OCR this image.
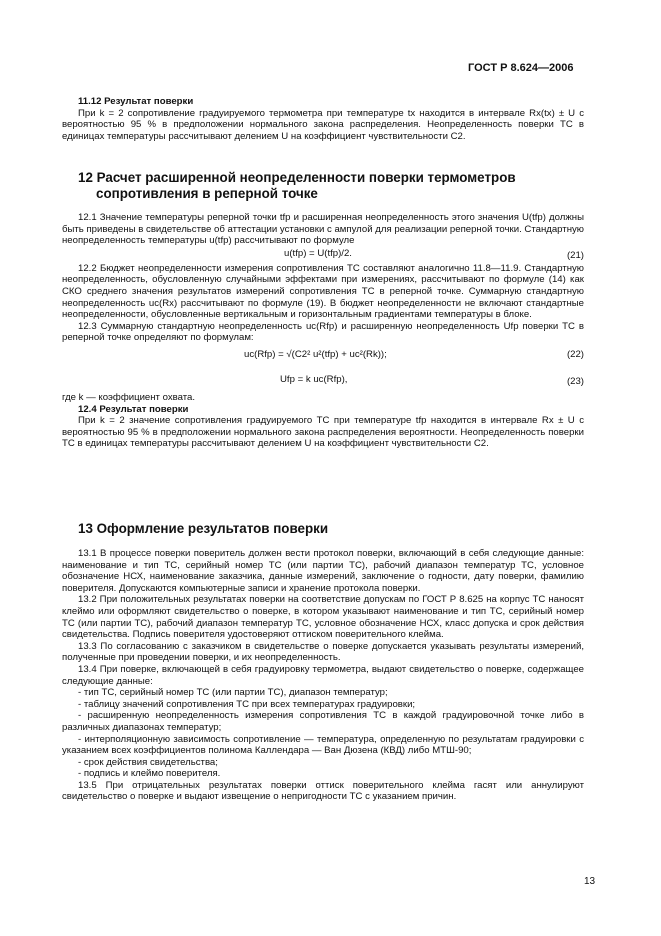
ГОСТ Р 8.624—2006

11.12 Результат поверки

При k = 2 сопротивление градуируемого термометра при температуре tx находится в интервале Rx(tx) ± U с вероятностью 95 % в предположении нормального закона распределения. Неопределенность поверки ТС в единицах температуры рассчитывают делением U на коэффициент чувствительности C2.

12 Расчет расширенной неопределенности поверки термометров
сопротивления в реперной точке

12.1 Значение температуры реперной точки tfp и расширенная неопределенность этого значения U(tfp) должны быть приведены в свидетельстве об аттестации установки с ампулой для реализации реперной точки. Стандартную неопределенность температуры u(tfp) рассчитывают по формуле

u(tfp) = U(tfp)/2.	(21)

12.2 Бюджет неопределенности измерения сопротивления ТС составляют аналогично 11.8—11.9. Стандартную неопределенность, обусловленную случайными эффектами при измерениях, рассчитывают по формуле (14) как СКО среднего значения результатов измерений сопротивления ТС в реперной точке. Суммарную стандартную неопределенность uc(Rx) рассчитывают по формуле (19). В бюджет неопределенности не включают стандартные неопределенности, обусловленные вертикальным и горизонтальным градиентами температуры в блоке.

12.3 Суммарную стандартную неопределенность uc(Rfp) и расширенную неопределенность Ufp поверки ТС в реперной точке определяют по формулам:

uc(Rfp) = √(C2² u²(tfp) + uc²(Rk));	(22)
Ufp = k uc(Rfp),	(23)

где k — коэффициент охвата.

12.4 Результат поверки

При k = 2 значение сопротивления градуируемого ТС при температуре tfp находится в интервале Rx ± U с вероятностью 95 % в предположении нормального закона распределения вероятности. Неопределенность поверки ТС в единицах температуры рассчитывают делением U на коэффициент чувствительности C2.

13 Оформление результатов поверки

13.1 В процессе поверки поверитель должен вести протокол поверки, включающий в себя следующие данные: наименование и тип ТС, серийный номер ТС (или партии ТС), рабочий диапазон температур ТС, условное обозначение НСХ, наименование заказчика, данные измерений, заключение о годности, дату поверки, фамилию поверителя. Допускаются компьютерные записи и хранение протокола поверки.

13.2 При положительных результатах поверки на соответствие допускам по ГОСТ Р 8.625 на корпус ТС наносят клеймо или оформляют свидетельство о поверке, в котором указывают наименование и тип ТС, серийный номер ТС (или партии ТС), рабочий диапазон температур ТС, условное обозначение НСХ, класс допуска и срок действия свидетельства. Подпись поверителя удостоверяют оттиском поверительного клейма.

13.3 По согласованию с заказчиком в свидетельстве о поверке допускается указывать результаты измерений, полученные при проведении поверки, и их неопределенность.

13.4 При поверке, включающей в себя градуировку термометра, выдают свидетельство о поверке, содержащее следующие данные:

- тип ТС, серийный номер ТС (или партии ТС), диапазон температур;

- таблицу значений сопротивления ТС при всех температурах градуировки;

- расширенную неопределенность измерения сопротивления ТС в каждой градуировочной точке либо в различных диапазонах температур;

- интерполяционную зависимость сопротивление — температура, определенную по результатам градуировки с указанием всех коэффициентов полинома Каллендара — Ван Дюзена (КВД) либо МТШ-90;

- срок действия свидетельства;

- подпись и клеймо поверителя.

13.5 При отрицательных результатах поверки оттиск поверительного клейма гасят или аннулируют свидетельство о поверке и выдают извещение о непригодности ТС с указанием причин.

13
